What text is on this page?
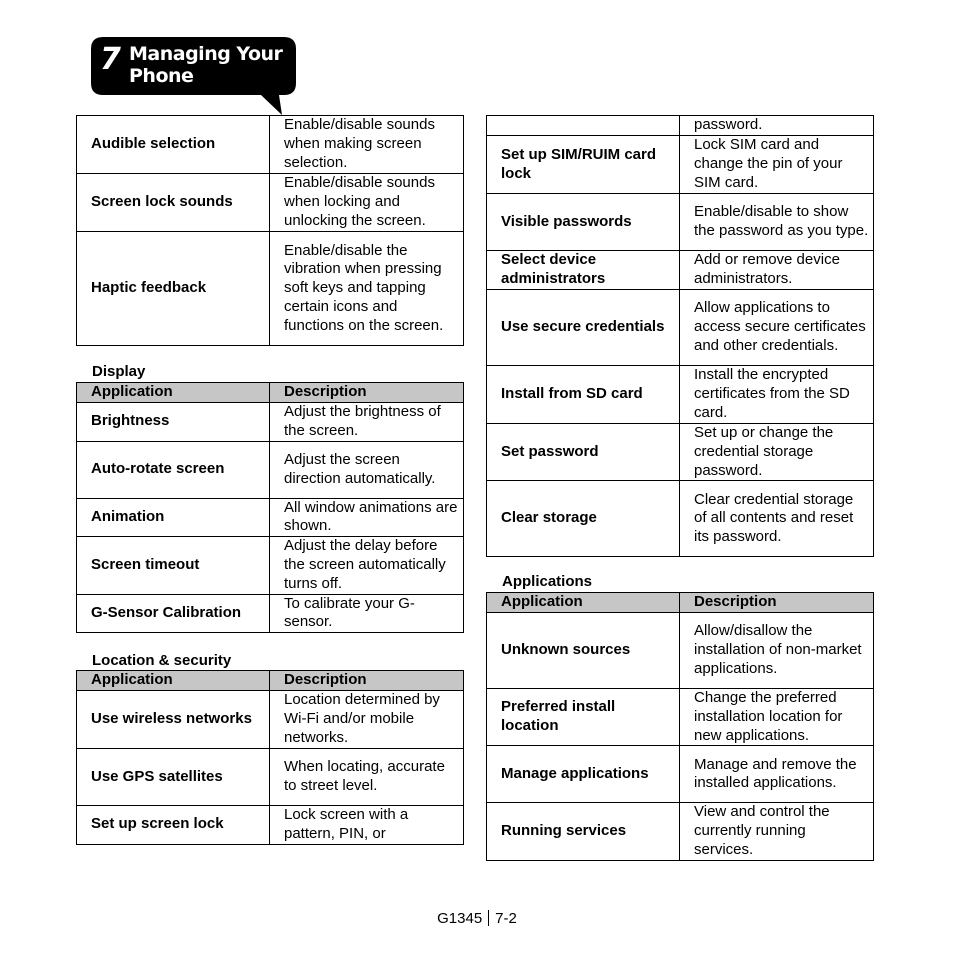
7 Managing Your Phone
Audible selection	Enable/disable sounds when making screen selection.
Screen lock sounds	Enable/disable sounds when locking and unlocking the screen.
Haptic feedback	Enable/disable the vibration when pressing soft keys and tapping certain icons and functions on the screen.
Display
Application	Description
Brightness	Adjust the brightness of the screen.
Auto-rotate screen	Adjust the screen direction automatically.
Animation	All window animations are shown.
Screen timeout	Adjust the delay before the screen automatically turns off.
G-Sensor Calibration	To calibrate your G-sensor.
Location & security
Application	Description
Use wireless networks	Location determined by Wi-Fi and/or mobile networks.
Use GPS satellites	When locating, accurate to street level.
Set up screen lock	Lock screen with a pattern, PIN, or
	password.
Set up SIM/RUIM card lock	Lock SIM card and change the pin of your SIM card.
Visible passwords	Enable/disable to show the password as you type.
Select device administrators	Add or remove device administrators.
Use secure credentials	Allow applications to access secure certificates and other credentials.
Install from SD card	Install the encrypted certificates from the SD card.
Set password	Set up or change the credential storage password.
Clear storage	Clear credential storage of all contents and reset its password.
Applications
Application	Description
Unknown sources	Allow/disallow the installation of non-market applications.
Preferred install location	Change the preferred installation location for new applications.
Manage applications	Manage and remove the installed applications.
Running services	View and control the currently running services.
G1345 7-2
